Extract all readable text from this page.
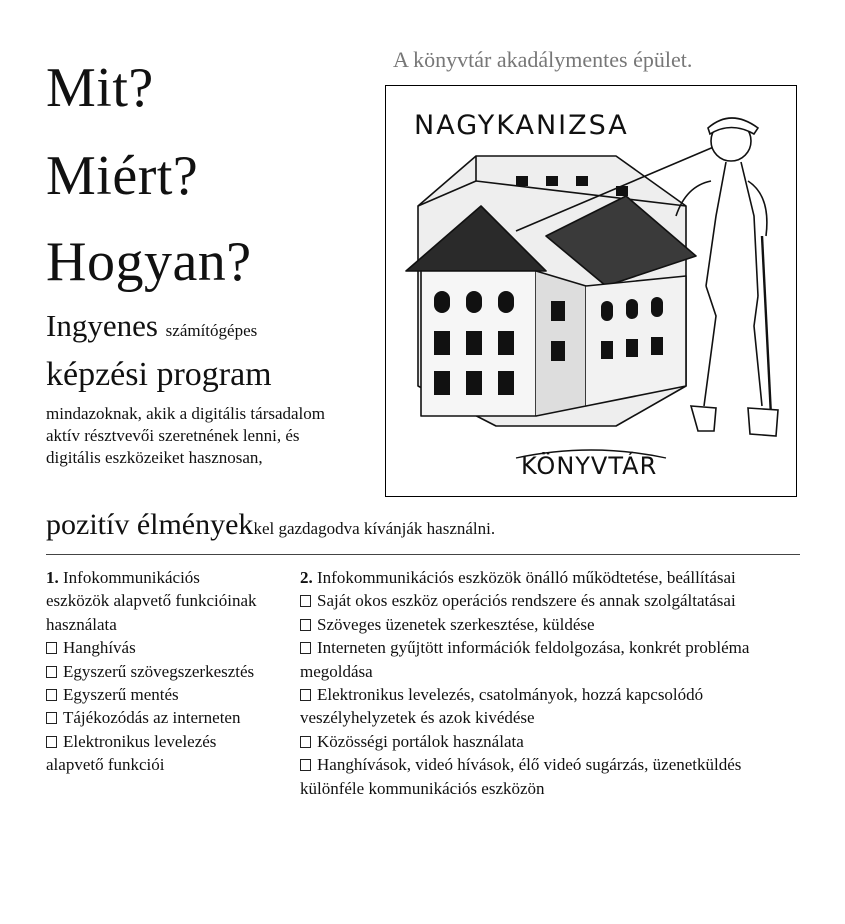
Mit?
Miért?
Hogyan?
Ingyenes számítógépes
képzési program
mindazoknak, akik a digitális társadalom aktív résztvevői szeretnének lenni, és digitális eszközeiket hasznosan,
pozitív élményekkel gazdagodva kívánják használni.
A könyvtár akadálymentes épület.
NAGYKANIZSA
KÖNYVTÁR

1. Infokommunikációs eszközök alapvető funkcióinak használata

Hanghívás

Egyszerű szövegszerkesztés

Egyszerű mentés

Tájékozódás az interneten

Elektronikus levelezés alapvető funkciói

2. Infokommunikációs eszközök önálló működtetése, beállításai

Saját okos eszköz operációs rendszere és annak szolgáltatásai

Szöveges üzenetek szerkesztése, küldése

Interneten gyűjtött információk feldolgozása, konkrét probléma megoldása

Elektronikus levelezés, csatolmányok, hozzá kapcsolódó veszélyhelyzetek és azok kivédése

Közösségi portálok használata

Hanghívások, videó hívások, élő videó sugárzás, üzenetküldés különféle kommunikációs eszközön
